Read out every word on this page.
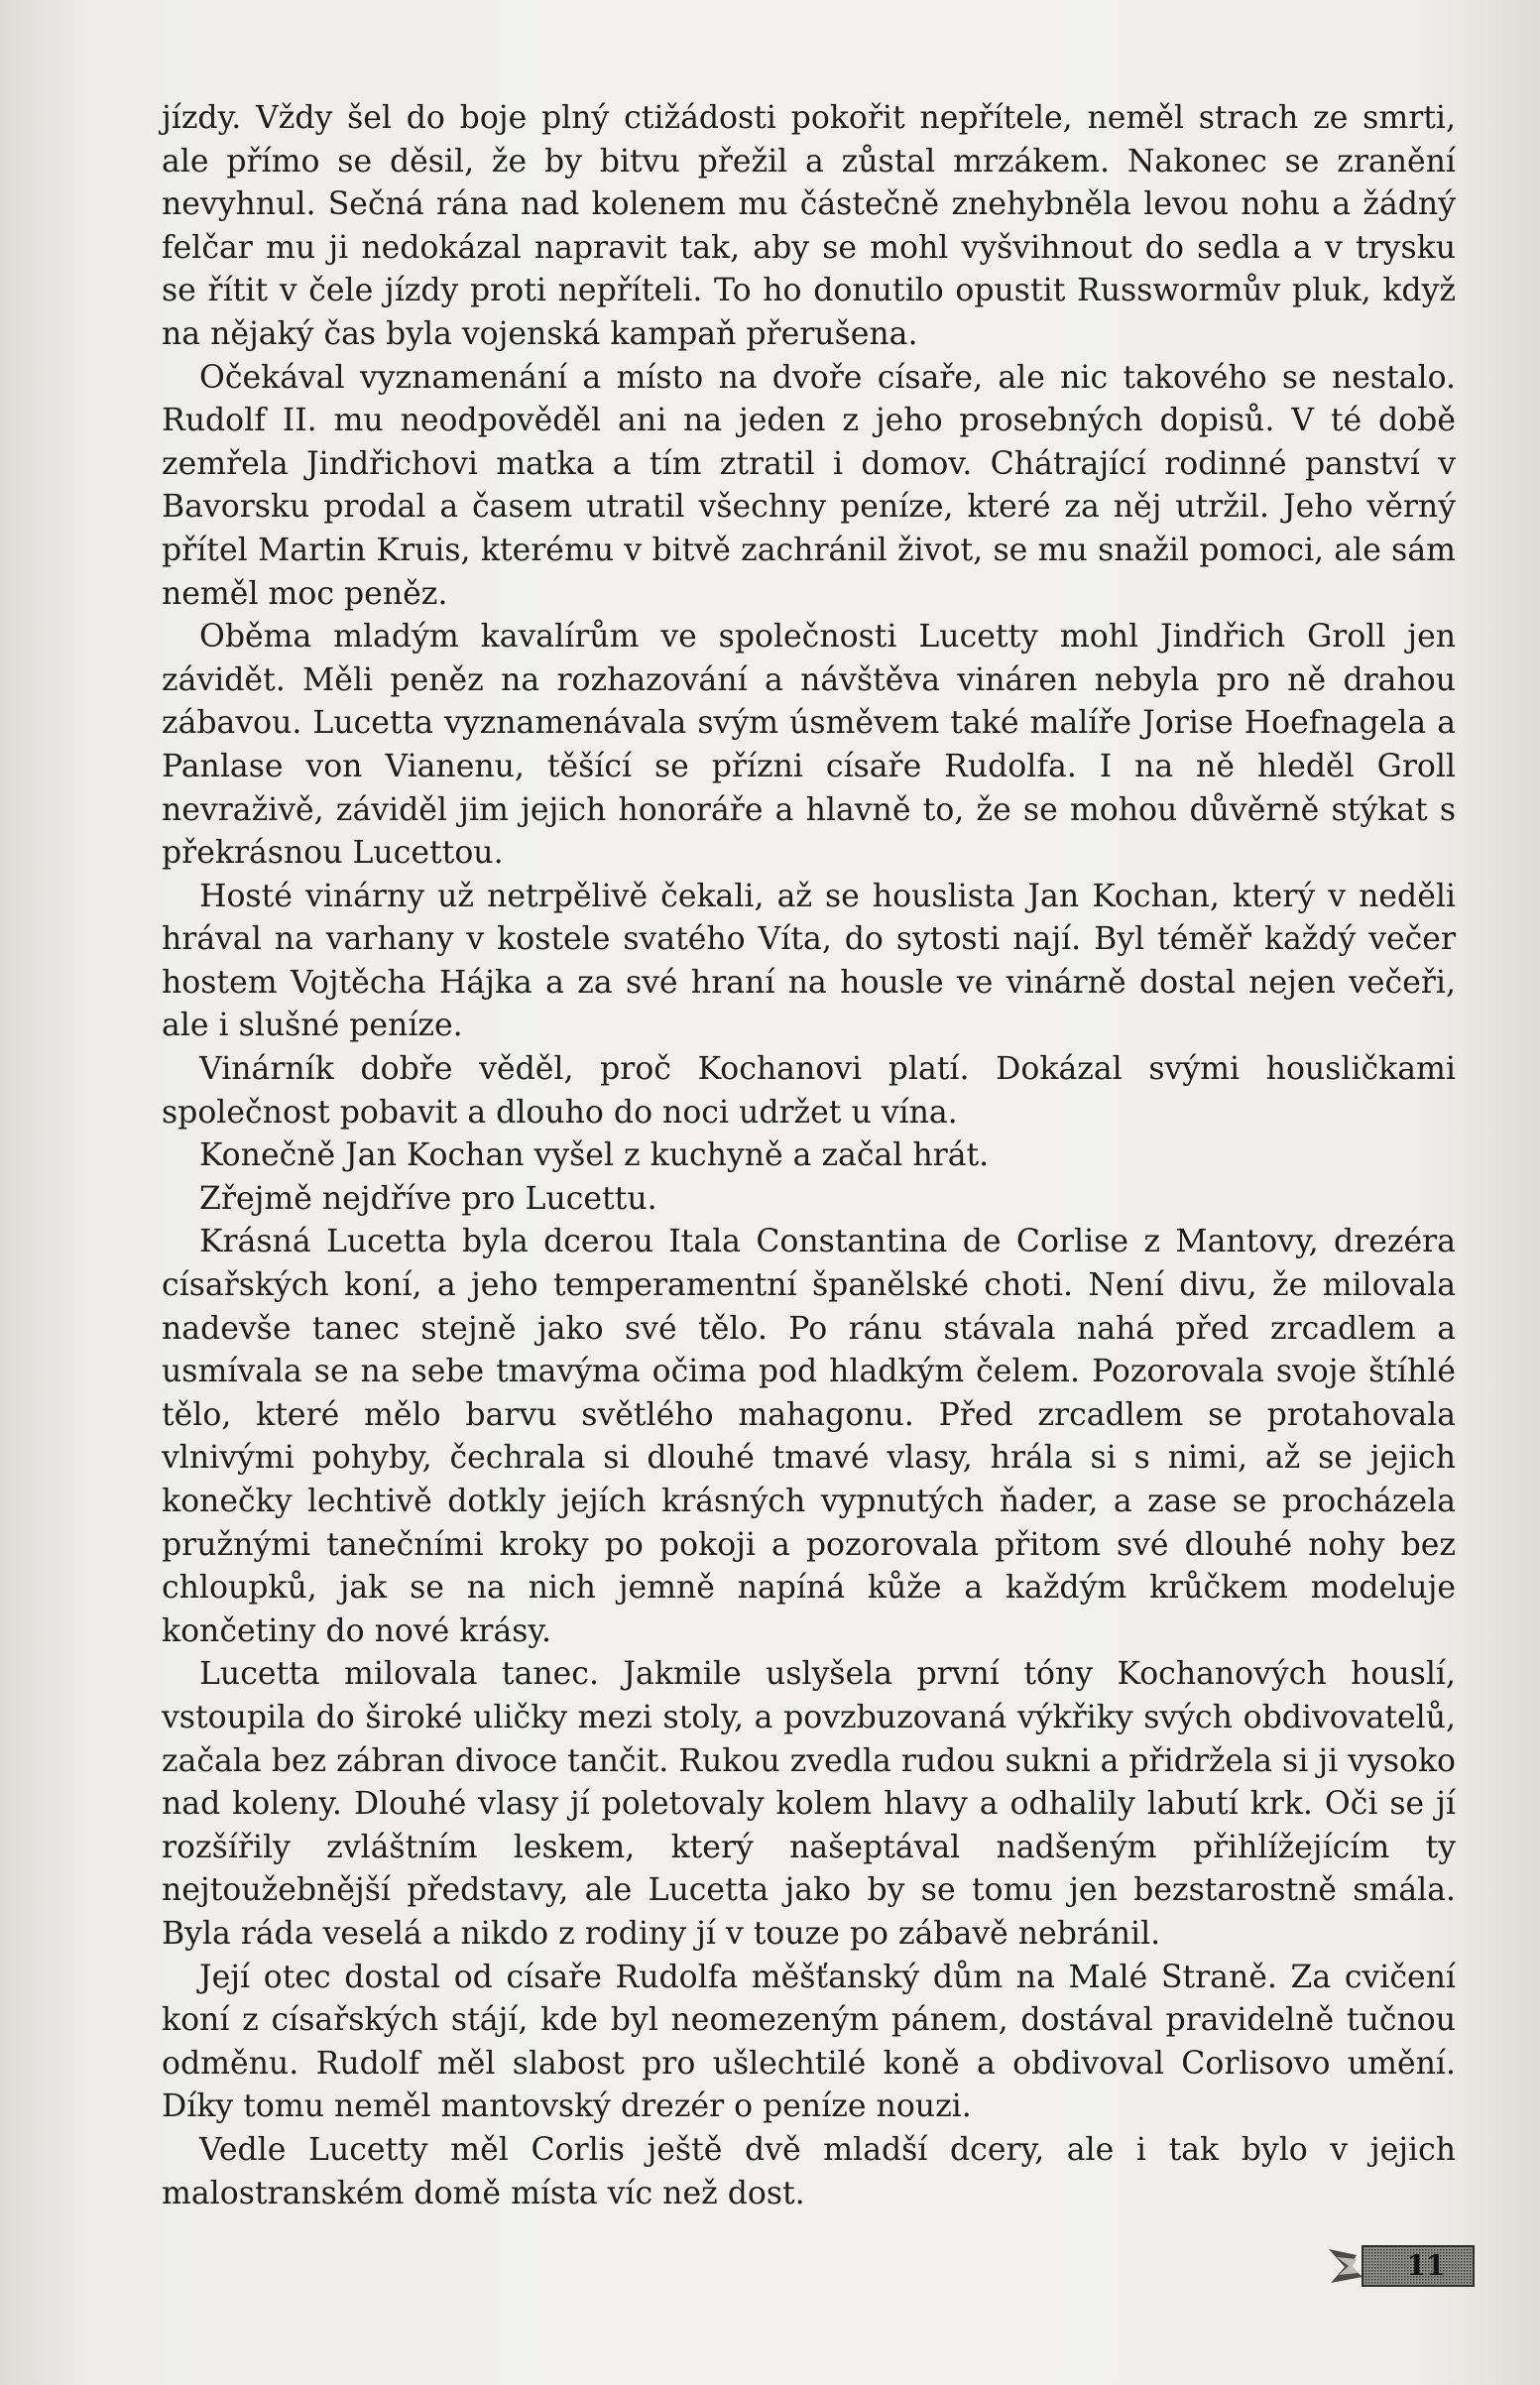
jízdy. Vždy šel do boje plný ctižádosti pokořit nepřítele, neměl strach ze smrti, ale přímo se děsil, že by bitvu přežil a zůstal mrzákem. Nakonec se zranění nevyhnul. Sečná rána nad kolenem mu částečně znehybněla levou nohu a žádný felčar mu ji nedokázal napravit tak, aby se mohl vyšvihnout do sedla a v trysku se řítit v čele jízdy proti nepříteli. To ho donutilo opustit Russwormův pluk, když na nějaký čas byla vojenská kampaň přerušena.

Očekával vyznamenání a místo na dvoře císaře, ale nic takového se nestalo. Rudolf II. mu neodpověděl ani na jeden z jeho prosebných dopisů. V té době zemřela Jindřichovi matka a tím ztratil i domov. Chátrající rodinné panství v Bavorsku prodal a časem utratil všechny peníze, které za něj utržil. Jeho věrný přítel Martin Kruis, kterému v bitvě zachránil život, se mu snažil pomoci, ale sám neměl moc peněz.

Oběma mladým kavalírům ve společnosti Lucetty mohl Jindřich Groll jen závidět. Měli peněz na rozhazování a návštěva vináren nebyla pro ně drahou zábavou. Lucetta vyznamenávala svým úsměvem také malíře Jorise Hoefnagela a Panlase von Vianenu, těšící se přízni císaře Rudolfa. I na ně hleděl Groll nevraživě, záviděl jim jejich honoráře a hlavně to, že se mohou důvěrně stýkat s překrásnou Lucettou.

Hosté vinárny už netrpělivě čekali, až se houslista Jan Kochan, který v neděli hrával na varhany v kostele svatého Víta, do sytosti nají. Byl téměř každý večer hostem Vojtěcha Hájka a za své hraní na housle ve vinárně dostal nejen večeři, ale i slušné peníze.

Vinárník dobře věděl, proč Kochanovi platí. Dokázal svými housličkami společnost pobavit a dlouho do noci udržet u vína.

Konečně Jan Kochan vyšel z kuchyně a začal hrát.

Zřejmě nejdříve pro Lucettu.

Krásná Lucetta byla dcerou Itala Constantina de Corlise z Mantovy, drezéra císařských koní, a jeho temperamentní španělské choti. Není divu, že milovala nadevše tanec stejně jako své tělo. Po ránu stávala nahá před zrcadlem a usmívala se na sebe tmavýma očima pod hladkým čelem. Pozorovala svoje štíhlé tělo, které mělo barvu světlého mahagonu. Před zrcadlem se protahovala vlnivými pohyby, čechrala si dlouhé tmavé vlasy, hrála si s nimi, až se jejich konečky lechtivě dotkly jejích krásných vypnutých ňader, a zase se procházela pružnými tanečními kroky po pokoji a pozorovala přitom své dlouhé nohy bez chloupků, jak se na nich jemně napíná kůže a každým krůčkem modeluje končetiny do nové krásy.

Lucetta milovala tanec. Jakmile uslyšela první tóny Kochanových houslí, vstoupila do široké uličky mezi stoly, a povzbuzovaná výkřiky svých obdivovatelů, začala bez zábran divoce tančit. Rukou zvedla rudou sukni a přidržela si ji vysoko nad koleny. Dlouhé vlasy jí poletovaly kolem hlavy a odhalily labutí krk. Oči se jí rozšířily zvláštním leskem, který našeptával nadšeným přihlížejícím ty nejtoužebnější představy, ale Lucetta jako by se tomu jen bezstarostně smála. Byla ráda veselá a nikdo z rodiny jí v touze po zábavě nebránil.

Její otec dostal od císaře Rudolfa měšťanský dům na Malé Straně. Za cvičení koní z císařských stájí, kde byl neomezeným pánem, dostával pravidelně tučnou odměnu. Rudolf měl slabost pro ušlechtilé koně a obdivoval Corlisovo umění. Díky tomu neměl mantovský drezér o peníze nouzi.

Vedle Lucetty měl Corlis ještě dvě mladší dcery, ale i tak bylo v jejich malostranském domě místa víc než dost.

11
